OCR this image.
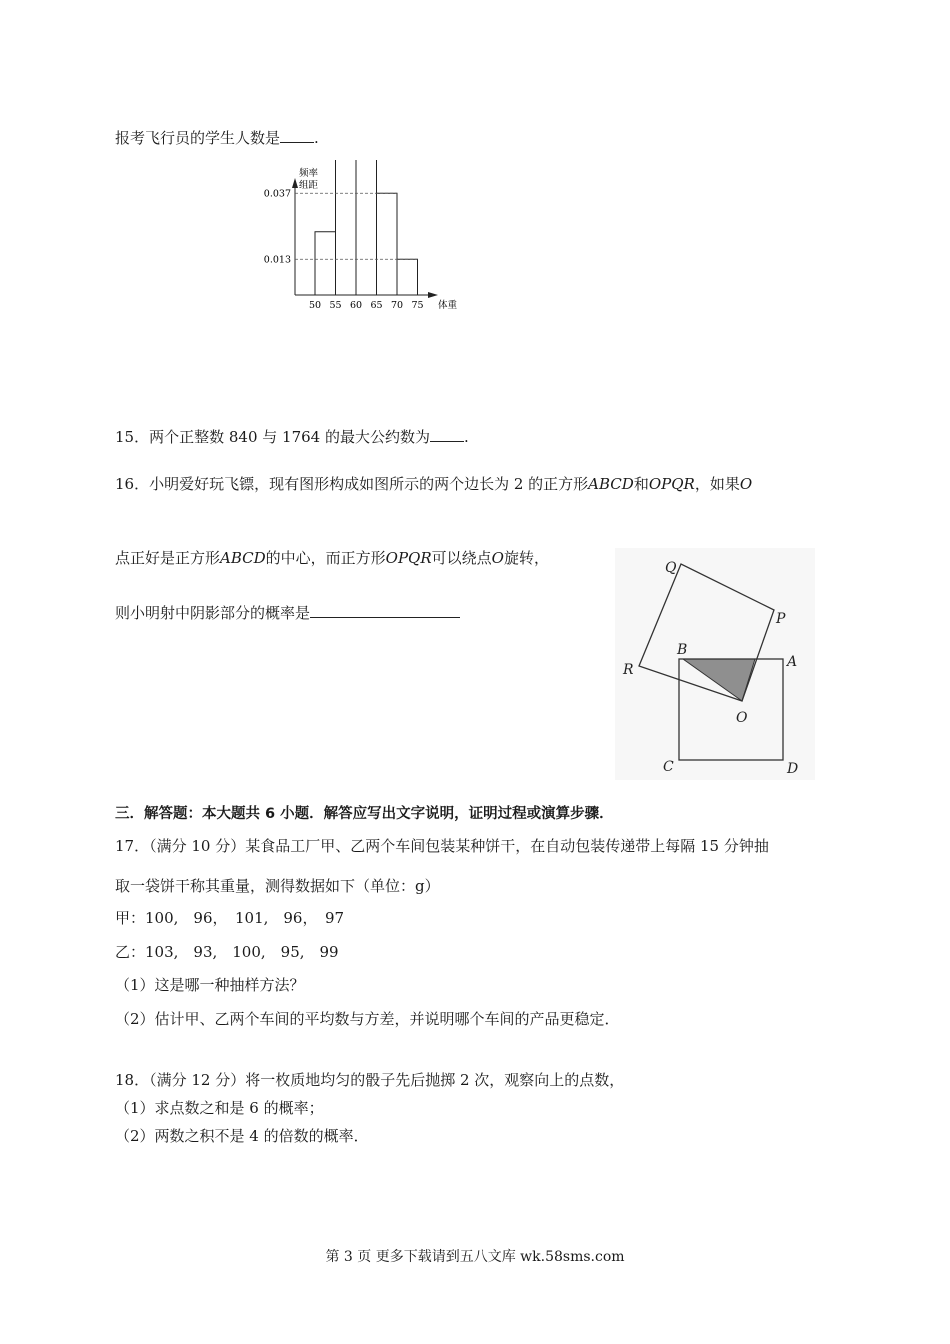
报考飞行员的学生人数是 .
频率
组距
体重
0.037
0.013
50 55 60 65 70 75
15．两个正整数 840 与 1764 的最大公约数为 .
16．小明爱好玩飞镖，现有图形构成如图所示的两个边长为 2 的正方形ABCD和OPQR，如果O
点正好是正方形ABCD的中心，而正方形OPQR可以绕点O旋转，
则小明射中阴影部分的概率是
Q
P
R
B
A
O
C	D
三．解答题：本大题共 6 小题．解答应写出文字说明，证明过程或演算步骤．
17．（满分 10 分）某食品工厂甲、乙两个车间包装某种饼干，在自动包装传递带上每隔 15 分钟抽
取一袋饼干称其重量，测得数据如下（单位：g）
甲：100,　96，　101,　96，　97
乙：103,　93,　100,　95,　99
（1）这是哪一种抽样方法？
（2）估计甲、乙两个车间的平均数与方差，并说明哪个车间的产品更稳定．
18．（满分 12 分）将一枚质地均匀的骰子先后抛掷 2 次，观察向上的点数，
（1）求点数之和是 6 的概率；
（2）两数之积不是 4 的倍数的概率．
第 3 页 更多下载请到五八文库 wk.58sms.com
